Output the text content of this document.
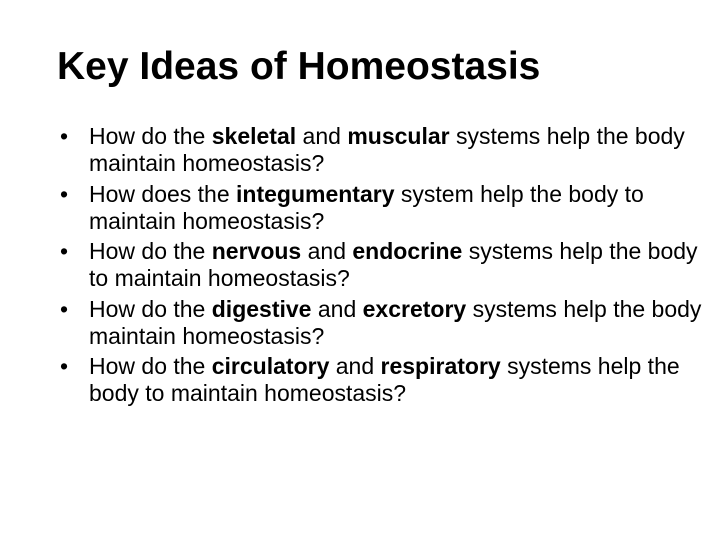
Key Ideas of Homeostasis
• How do the skeletal and muscular systems help the body maintain homeostasis?
• How does the integumentary system help the body to maintain homeostasis?
• How do the nervous and endocrine systems help the body to maintain homeostasis?
• How do the digestive and excretory systems help the body maintain homeostasis?
• How do the circulatory and respiratory systems help the body to maintain homeostasis?
